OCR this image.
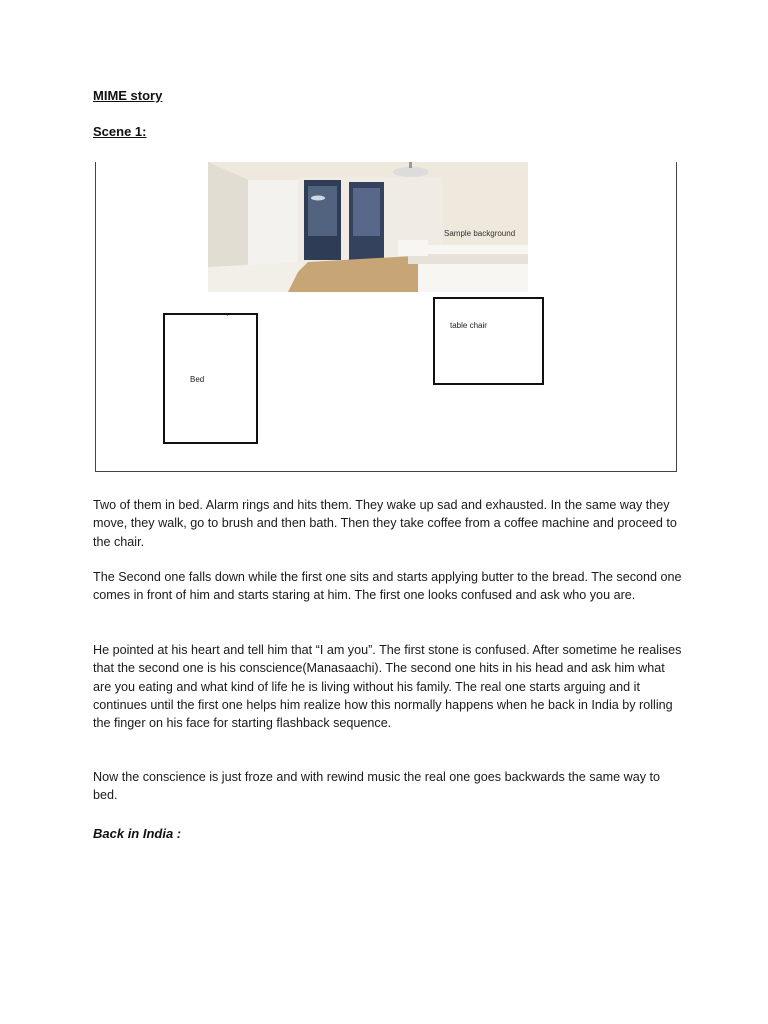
MIME story
Scene 1:
Sample background
ˊ
Bed
table chair

Two of them in bed. Alarm rings and hits them. They wake up sad and exhausted. In the same way they move, they walk, go to brush and then bath. Then they take coffee from a coffee machine and proceed to the chair.

The Second one falls down while the first one sits and starts applying butter to the bread. The second one comes in front of him and starts staring at him. The first one looks confused and ask who you are.

He pointed at his heart and tell him that “I am you”. The first stone is confused. After sometime he realises that the second one is his conscience(Manasaachi). The second one hits in his head and ask him what are you eating and what kind of life he is living without his family. The real one starts arguing and it continues until the first one helps him realize how this normally happens when he back in India by rolling the finger on his face for starting flashback sequence.

Now the conscience is just froze and with rewind music the real one goes backwards the same way to bed.

Back in India :
